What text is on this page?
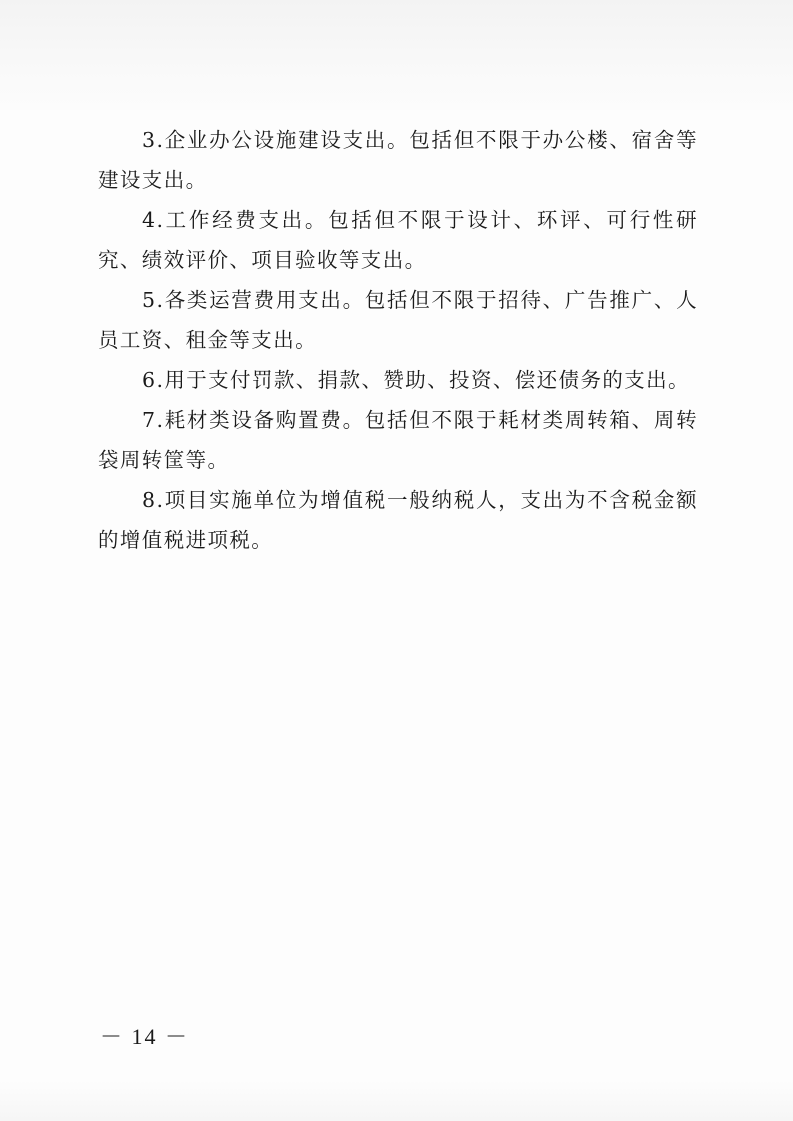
3.企业办公设施建设支出。包括但不限于办公楼、宿舍等建设支出。

4.工作经费支出。包括但不限于设计、环评、可行性研究、绩效评价、项目验收等支出。

5.各类运营费用支出。包括但不限于招待、广告推广、人员工资、租金等支出。

6.用于支付罚款、捐款、赞助、投资、偿还债务的支出。

7.耗材类设备购置费。包括但不限于耗材类周转箱、周转袋周转筐等。

8.项目实施单位为增值税一般纳税人，支出为不含税金额的增值税进项税。

－ 14 －
